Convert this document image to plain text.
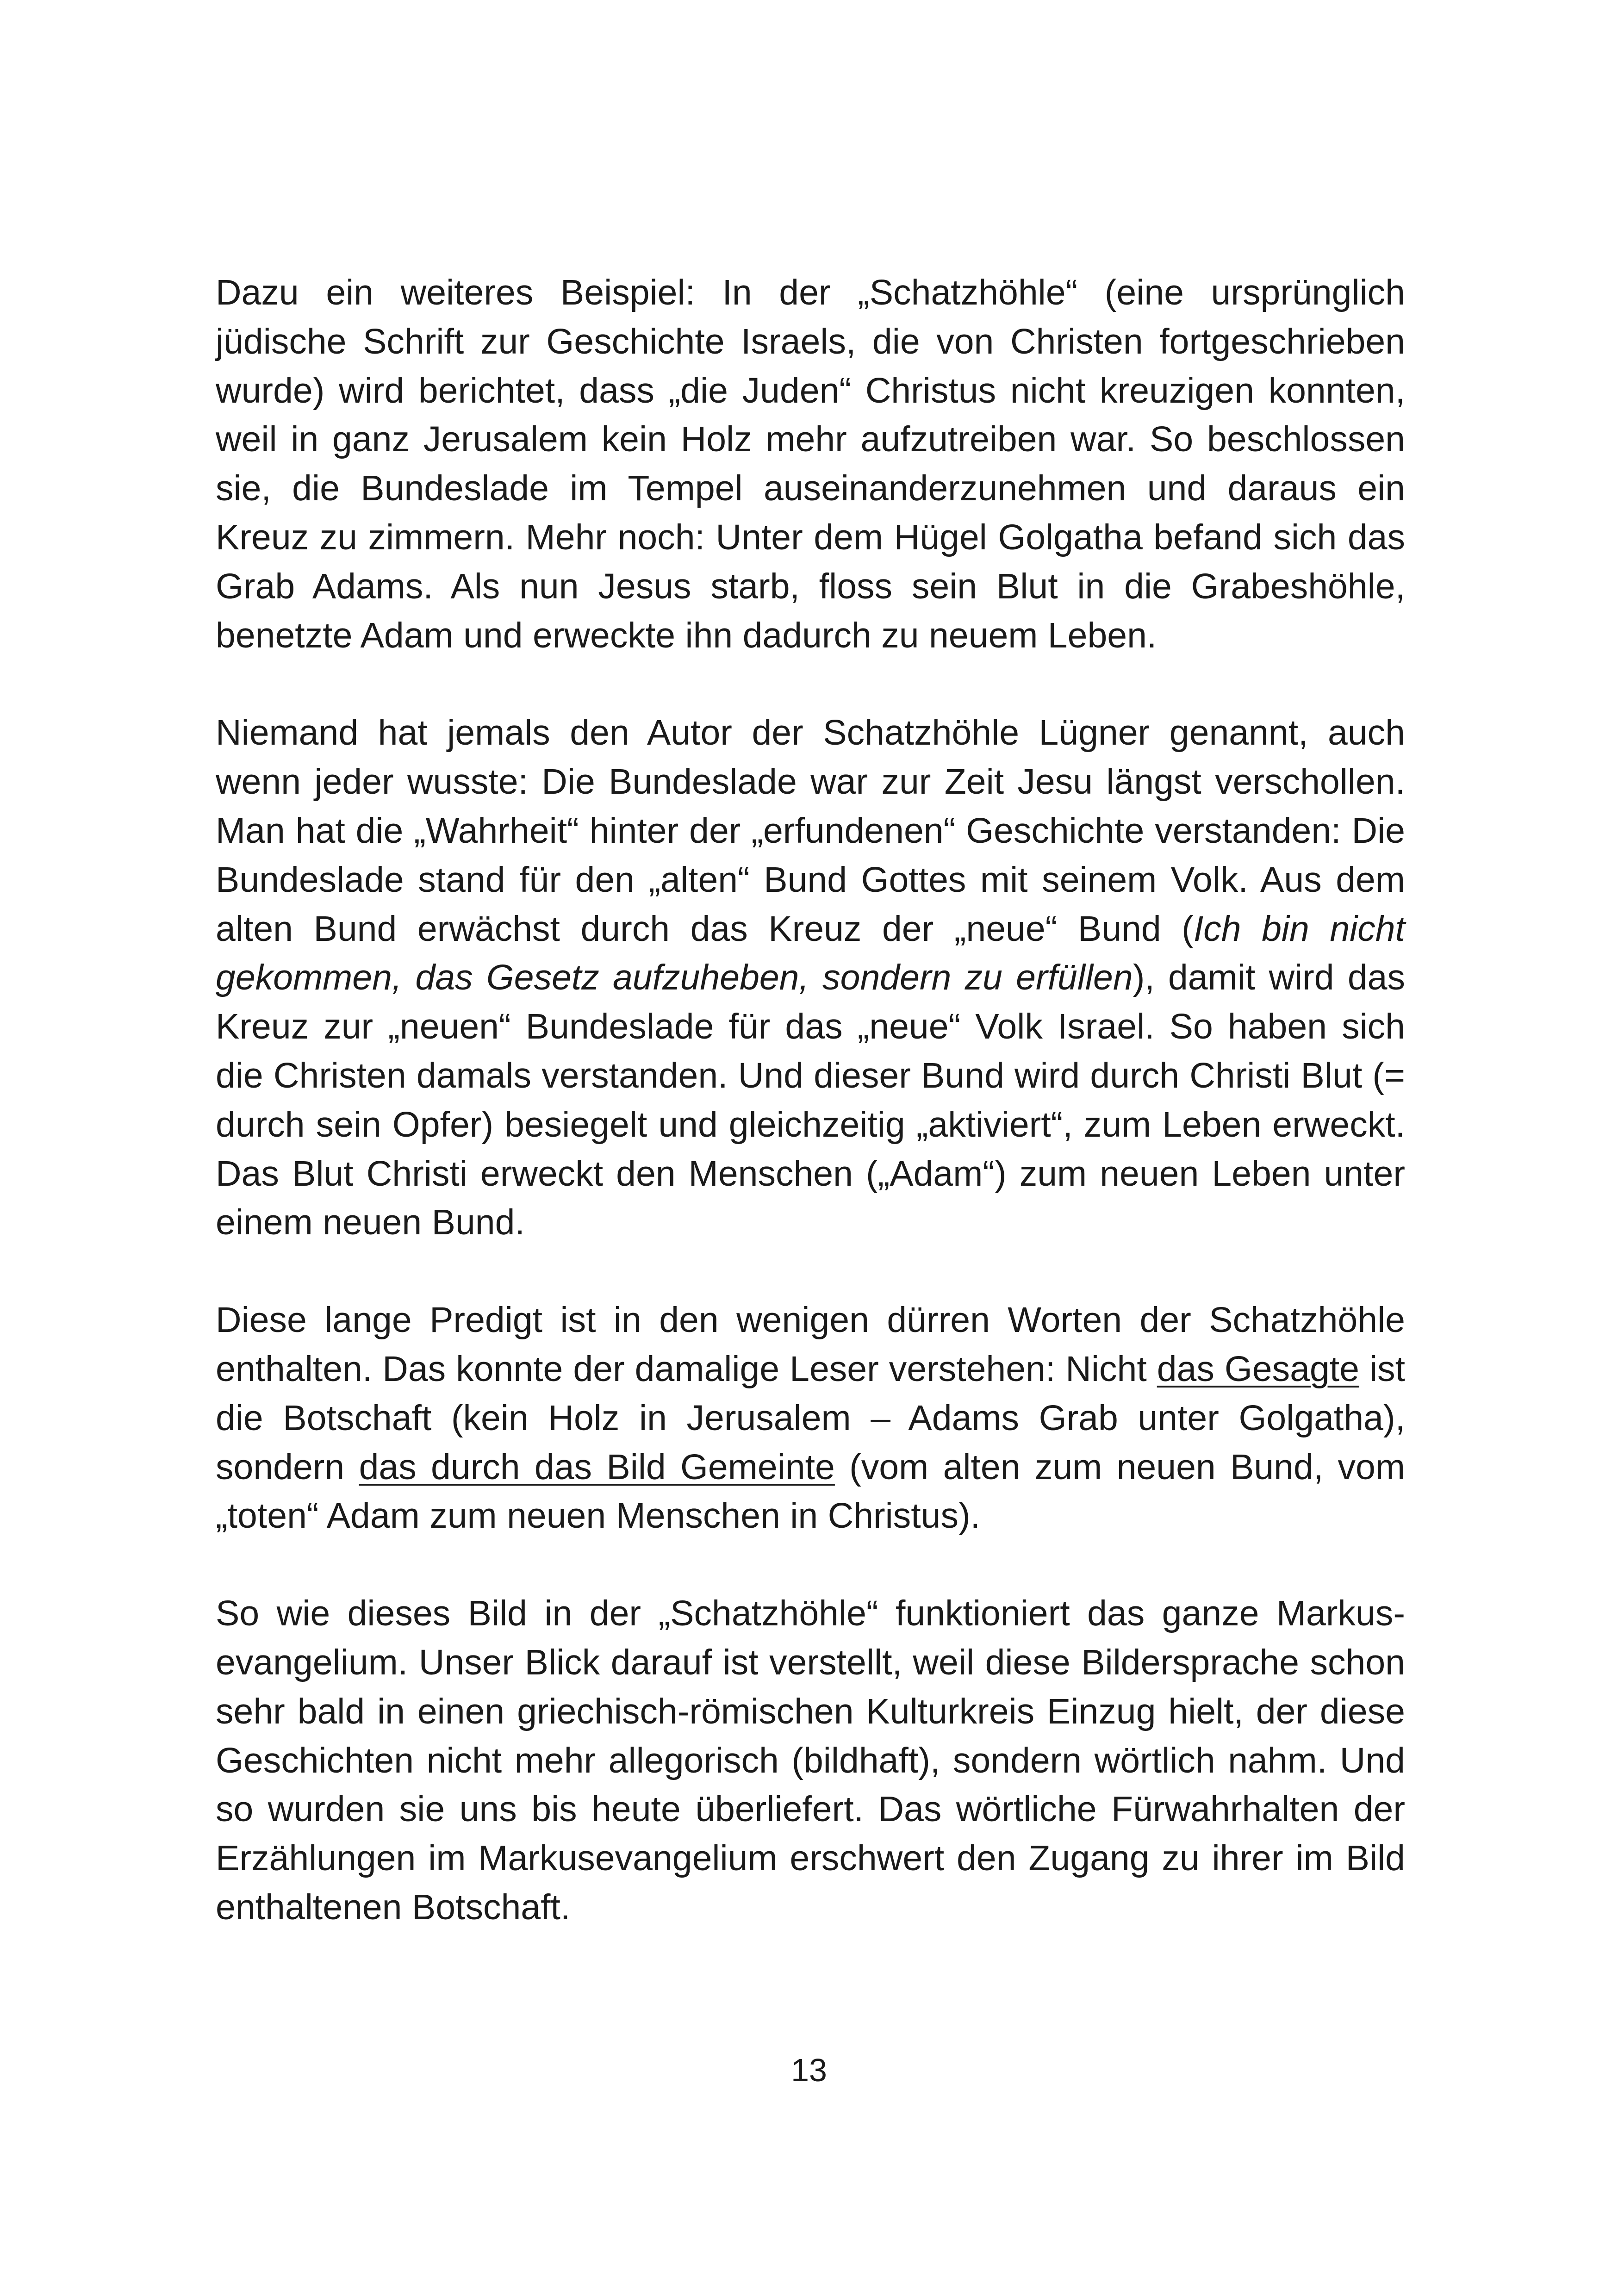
Dazu ein weiteres Beispiel: In der „Schatzhöhle“ (eine ursprünglich jüdische Schrift zur Geschichte Israels, die von Christen fortgeschrieben wurde) wird berichtet, dass „die Juden“ Christus nicht kreuzigen konnten, weil in ganz Jerusalem kein Holz mehr aufzutreiben war. So beschlossen sie, die Bundeslade im Tempel auseinanderzunehmen und daraus ein Kreuz zu zimmern. Mehr noch: Unter dem Hügel Golgatha befand sich das Grab Adams. Als nun Jesus starb, floss sein Blut in die Grabeshöhle, benetzte Adam und erweckte ihn dadurch zu neuem Leben.

Niemand hat jemals den Autor der Schatzhöhle Lügner genannt, auch wenn jeder wusste: Die Bundeslade war zur Zeit Jesu längst verschollen. Man hat die „Wahrheit“ hinter der „erfundenen“ Geschichte verstanden: Die Bundeslade stand für den „alten“ Bund Gottes mit seinem Volk. Aus dem alten Bund erwächst durch das Kreuz der „neue“ Bund (Ich bin nicht gekommen, das Gesetz aufzuheben, sondern zu erfüllen), damit wird das Kreuz zur „neuen“ Bundeslade für das „neue“ Volk Israel. So haben sich die Christen damals verstanden. Und dieser Bund wird durch Christi Blut (= durch sein Opfer) besiegelt und gleichzeitig „aktiviert“, zum Leben erweckt. Das Blut Christi erweckt den Menschen („Adam“) zum neuen Leben unter einem neuen Bund.

Diese lange Predigt ist in den wenigen dürren Worten der Schatzhöhle enthalten. Das konnte der damalige Leser verstehen: Nicht das Gesagte ist die Botschaft (kein Holz in Jerusalem – Adams Grab unter Golgatha), sondern das durch das Bild Gemeinte (vom alten zum neuen Bund, vom „toten“ Adam zum neuen Menschen in Christus).

So wie dieses Bild in der „Schatzhöhle“ funktioniert das ganze Markusevangelium. Unser Blick darauf ist verstellt, weil diese Bildersprache schon sehr bald in einen griechisch-römischen Kulturkreis Einzug hielt, der diese Geschichten nicht mehr allegorisch (bildhaft), sondern wörtlich nahm. Und so wurden sie uns bis heute überliefert. Das wörtliche Fürwahrhalten der Erzählungen im Markusevangelium erschwert den Zugang zu ihrer im Bild enthaltenen Botschaft.

13
